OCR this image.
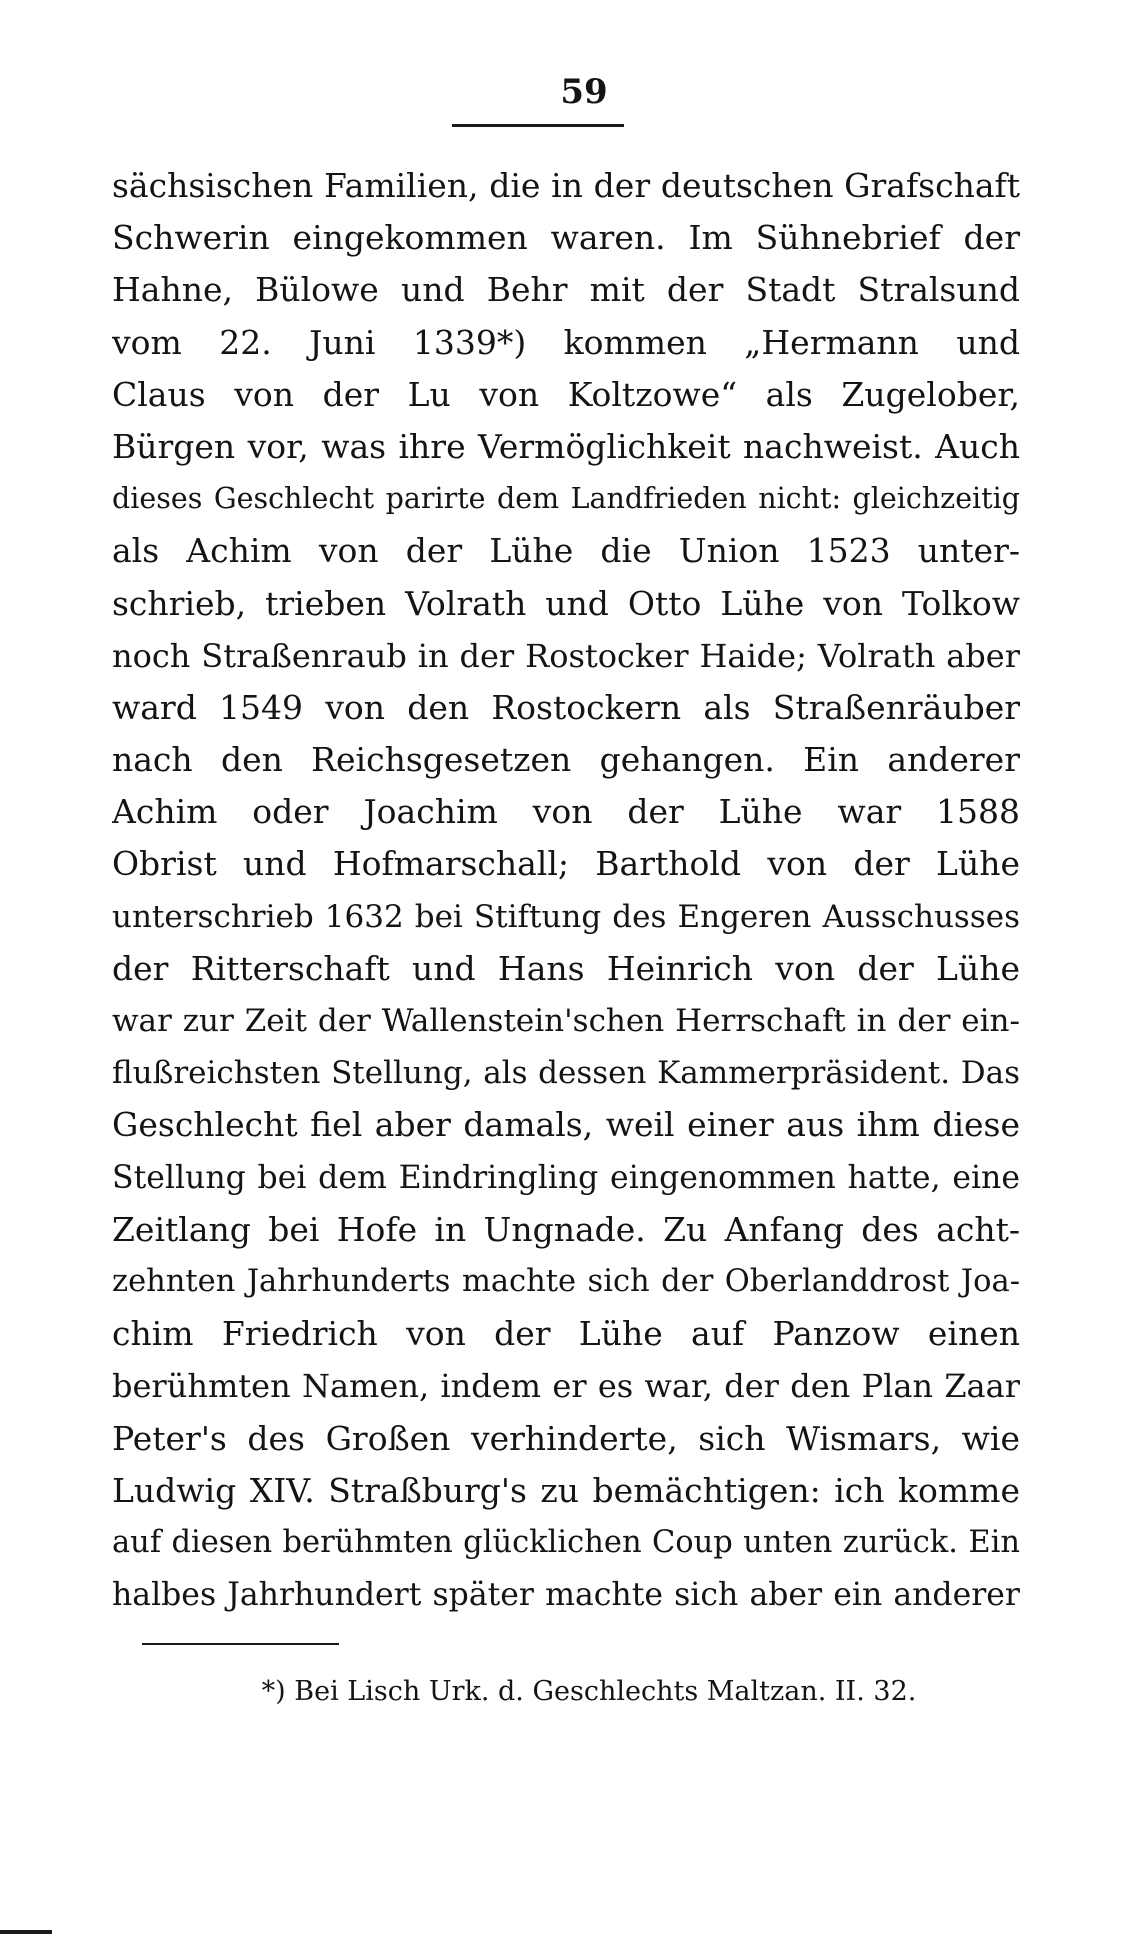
59
sächsischen Familien, die in der deutschen Grafschaft
Schwerin eingekommen waren. Im Sühnebrief der
Hahne, Bülowe und Behr mit der Stadt Stralsund
vom 22. Juni 1339*) kommen „Hermann und
Claus von der Lu von Koltzowe“ als Zugelober,
Bürgen vor, was ihre Vermöglichkeit nachweist. Auch
dieses Geschlecht parirte dem Landfrieden nicht: gleichzeitig
als Achim von der Lühe die Union 1523 unter-
schrieb, trieben Volrath und Otto Lühe von Tolkow
noch Straßenraub in der Rostocker Haide; Volrath aber
ward 1549 von den Rostockern als Straßenräuber
nach den Reichsgesetzen gehangen. Ein anderer
Achim oder Joachim von der Lühe war 1588
Obrist und Hofmarschall; Barthold von der Lühe
unterschrieb 1632 bei Stiftung des Engeren Ausschusses
der Ritterschaft und Hans Heinrich von der Lühe
war zur Zeit der Wallenstein'schen Herrschaft in der ein-
flußreichsten Stellung, als dessen Kammerpräsident. Das
Geschlecht fiel aber damals, weil einer aus ihm diese
Stellung bei dem Eindringling eingenommen hatte, eine
Zeitlang bei Hofe in Ungnade. Zu Anfang des acht-
zehnten Jahrhunderts machte sich der Oberlanddrost Joa-
chim Friedrich von der Lühe auf Panzow einen
berühmten Namen, indem er es war, der den Plan Zaar
Peter's des Großen verhinderte, sich Wismars, wie
Ludwig XIV. Straßburg's zu bemächtigen: ich komme
auf diesen berühmten glücklichen Coup unten zurück. Ein
halbes Jahrhundert später machte sich aber ein anderer
*) Bei Lisch Urk. d. Geschlechts Maltzan. II. 32.
